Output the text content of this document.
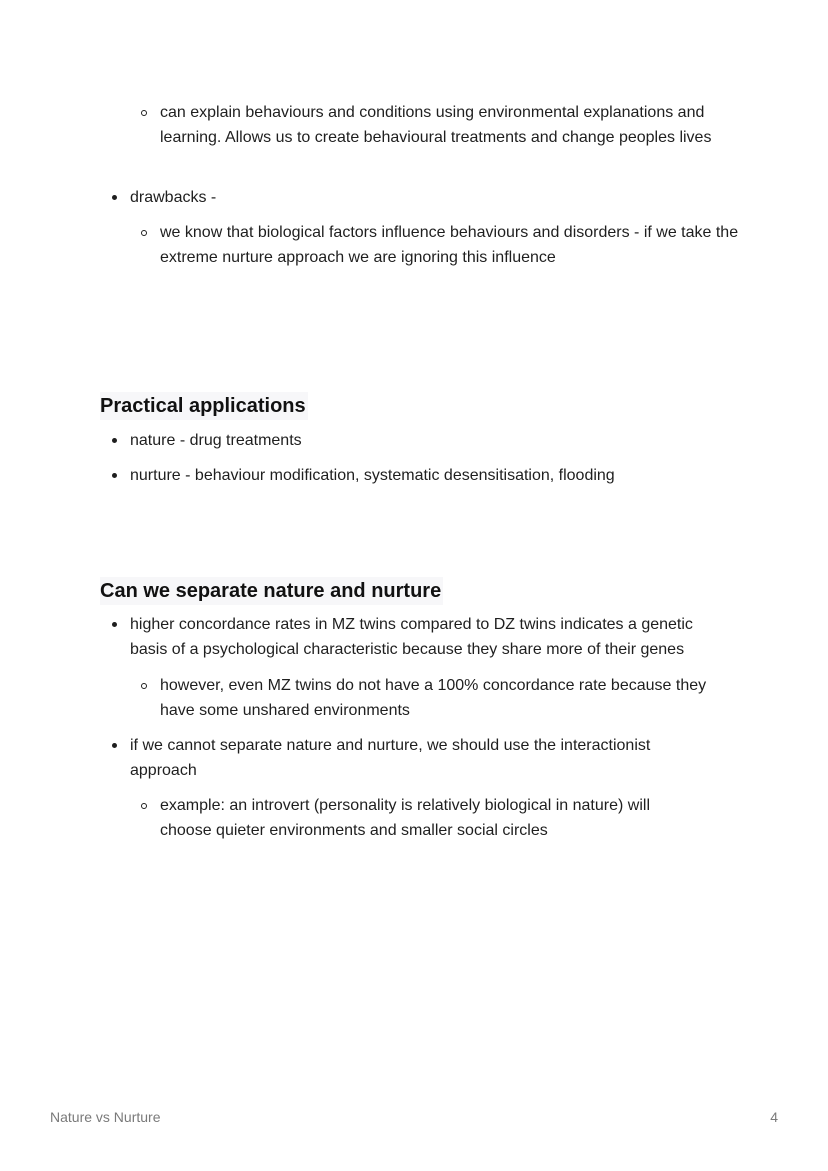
can explain behaviours and conditions using environmental explanations and learning. Allows us to create behavioural treatments and change peoples lives
drawbacks -
we know that biological factors influence behaviours and disorders - if we take the extreme nurture approach we are ignoring this influence
Practical applications
nature - drug treatments
nurture - behaviour modification, systematic desensitisation, flooding
Can we separate nature and nurture
higher concordance rates in MZ twins compared to DZ twins indicates a genetic basis of a psychological characteristic because they share more of their genes
however, even MZ twins do not have a 100% concordance rate because they have some unshared environments
if we cannot separate nature and nurture, we should use the interactionist approach
example: an introvert (personality is relatively biological in nature) will choose quieter environments and smaller social circles
Nature vs Nurture	4
